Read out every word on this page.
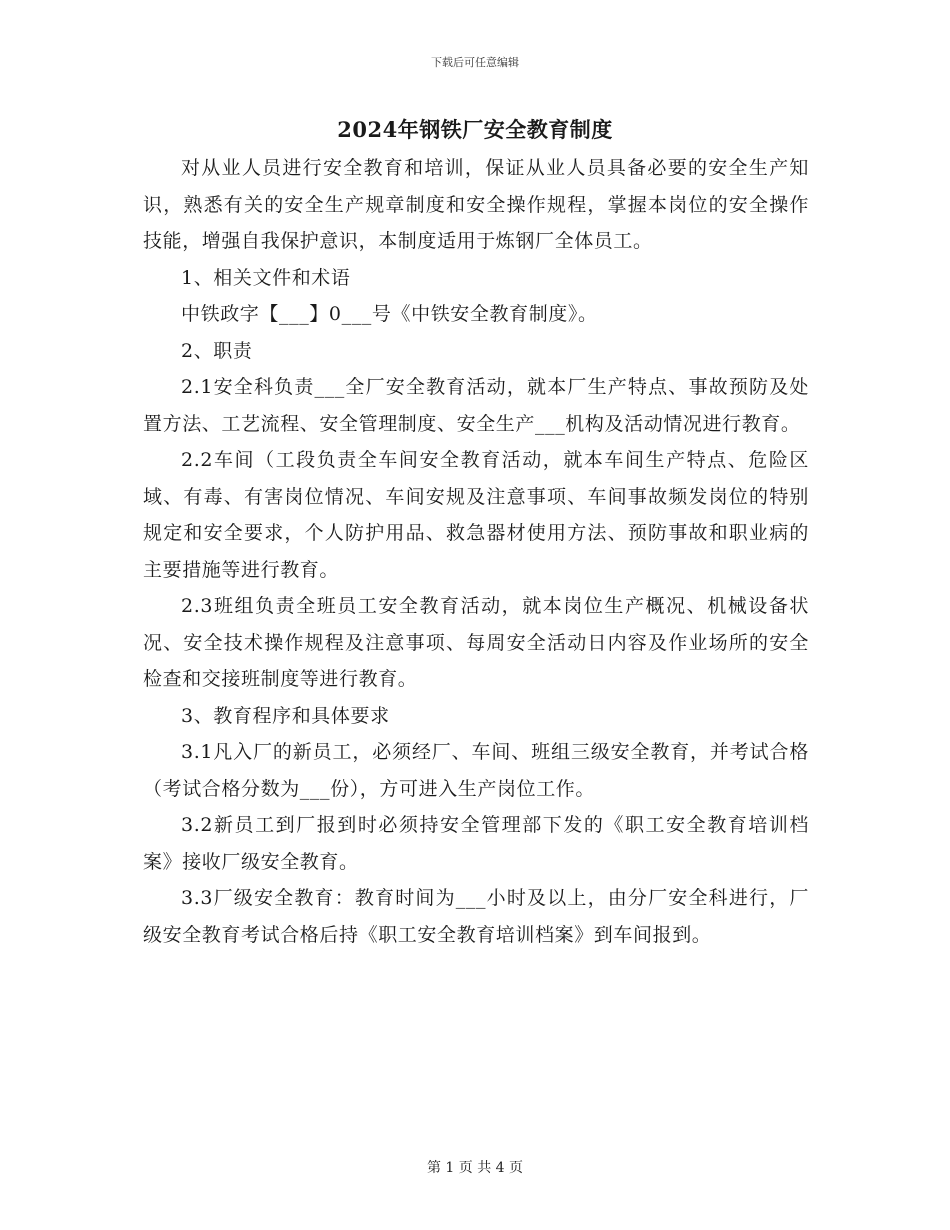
下载后可任意编辑
2024年钢铁厂安全教育制度

对从业人员进行安全教育和培训，保证从业人员具备必要的安全生产知识，熟悉有关的安全生产规章制度和安全操作规程，掌握本岗位的安全操作技能，增强自我保护意识，本制度适用于炼钢厂全体员工。

1、相关文件和术语

中铁政字【___】0___号《中铁安全教育制度》。

2、职责

2.1安全科负责___全厂安全教育活动，就本厂生产特点、事故预防及处置方法、工艺流程、安全管理制度、安全生产___机构及活动情况进行教育。

2.2车间（工段负责全车间安全教育活动，就本车间生产特点、危险区域、有毒、有害岗位情况、车间安规及注意事项、车间事故频发岗位的特别规定和安全要求，个人防护用品、救急器材使用方法、预防事故和职业病的主要措施等进行教育。

2.3班组负责全班员工安全教育活动，就本岗位生产概况、机械设备状况、安全技术操作规程及注意事项、每周安全活动日内容及作业场所的安全检查和交接班制度等进行教育。

3、教育程序和具体要求

3.1凡入厂的新员工，必须经厂、车间、班组三级安全教育，并考试合格（考试合格分数为___份），方可进入生产岗位工作。

3.2新员工到厂报到时必须持安全管理部下发的《职工安全教育培训档案》接收厂级安全教育。

3.3厂级安全教育：教育时间为___小时及以上，由分厂安全科进行，厂级安全教育考试合格后持《职工安全教育培训档案》到车间报到。

第 1 页 共 4 页
